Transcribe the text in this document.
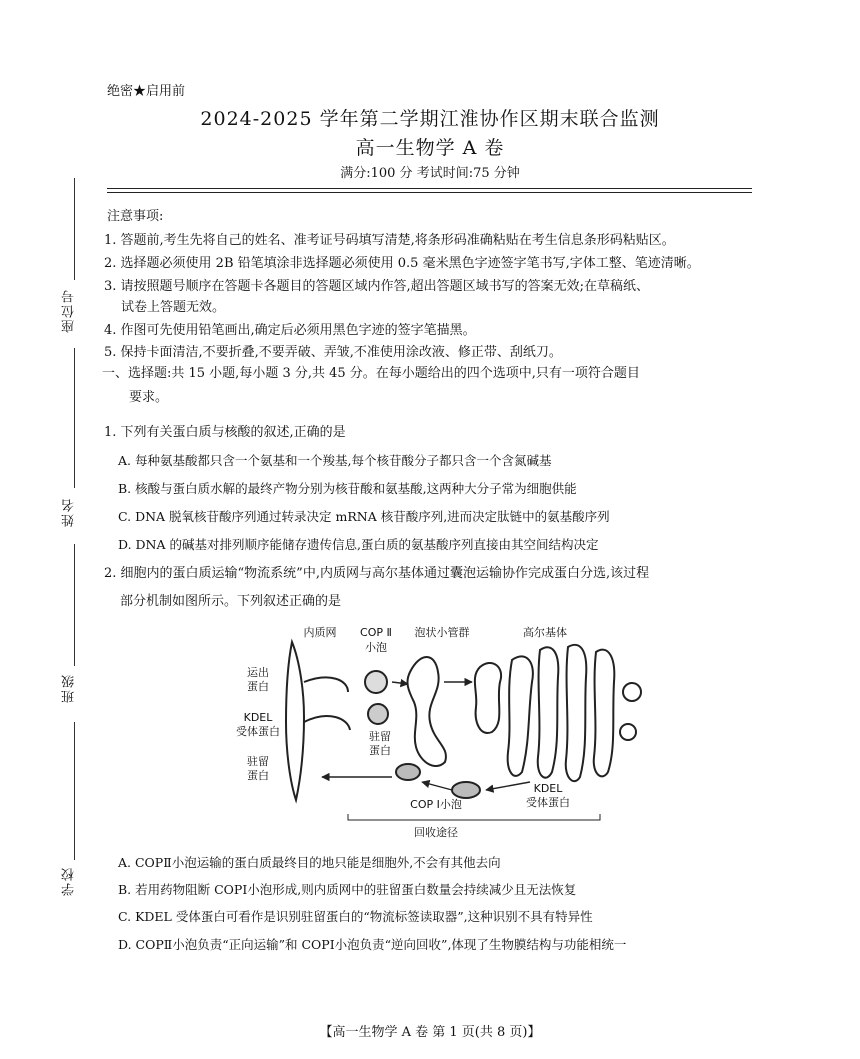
绝密★启用前
2024-2025 学年第二学期江淮协作区期末联合监测
高一生物学 A 卷
满分:100 分 考试时间:75 分钟
座位号
姓名
班级
学校
注意事项:
1. 答题前,考生先将自己的姓名、准考证号码填写清楚,将条形码准确粘贴在考生信息条形码粘贴区。
2. 选择题必须使用 2B 铅笔填涂非选择题必须使用 0.5 毫米黑色字迹签字笔书写,字体工整、笔迹清晰。
3. 请按照题号顺序在答题卡各题目的答题区域内作答,超出答题区域书写的答案无效;在草稿纸、
试卷上答题无效。
4. 作图可先使用铅笔画出,确定后必须用黑色字迹的签字笔描黑。
5. 保持卡面清洁,不要折叠,不要弄破、弄皱,不准使用涂改液、修正带、刮纸刀。
一、选择题:共 15 小题,每小题 3 分,共 45 分。在每小题给出的四个选项中,只有一项符合题目
要求。
1. 下列有关蛋白质与核酸的叙述,正确的是
A. 每种氨基酸都只含一个氨基和一个羧基,每个核苷酸分子都只含一个含氮碱基
B. 核酸与蛋白质水解的最终产物分别为核苷酸和氨基酸,这两种大分子常为细胞供能
C. DNA 脱氧核苷酸序列通过转录决定 mRNA 核苷酸序列,进而决定肽链中的氨基酸序列
D. DNA 的碱基对排列顺序能储存遗传信息,蛋白质的氨基酸序列直接由其空间结构决定
2. 细胞内的蛋白质运输“物流系统”中,内质网与高尔基体通过囊泡运输协作完成蛋白分选,该过程
部分机制如图所示。下列叙述正确的是
内质网 COP Ⅱ
小泡
泡状小管群	高尔基体
运出
蛋白
KDEL
受体蛋白
驻留
蛋白
驻留
蛋白
COP Ⅰ小泡
KDEL
受体蛋白
回收途径
A. COPⅡ小泡运输的蛋白质最终目的地只能是细胞外,不会有其他去向
B. 若用药物阻断 COPⅠ小泡形成,则内质网中的驻留蛋白数量会持续减少且无法恢复
C. KDEL 受体蛋白可看作是识别驻留蛋白的“物流标签读取器”,这种识别不具有特异性
D. COPⅡ小泡负责“正向运输”和 COPⅠ小泡负责“逆向回收”,体现了生物膜结构与功能相统一
【高一生物学 A 卷 第 1 页(共 8 页)】
